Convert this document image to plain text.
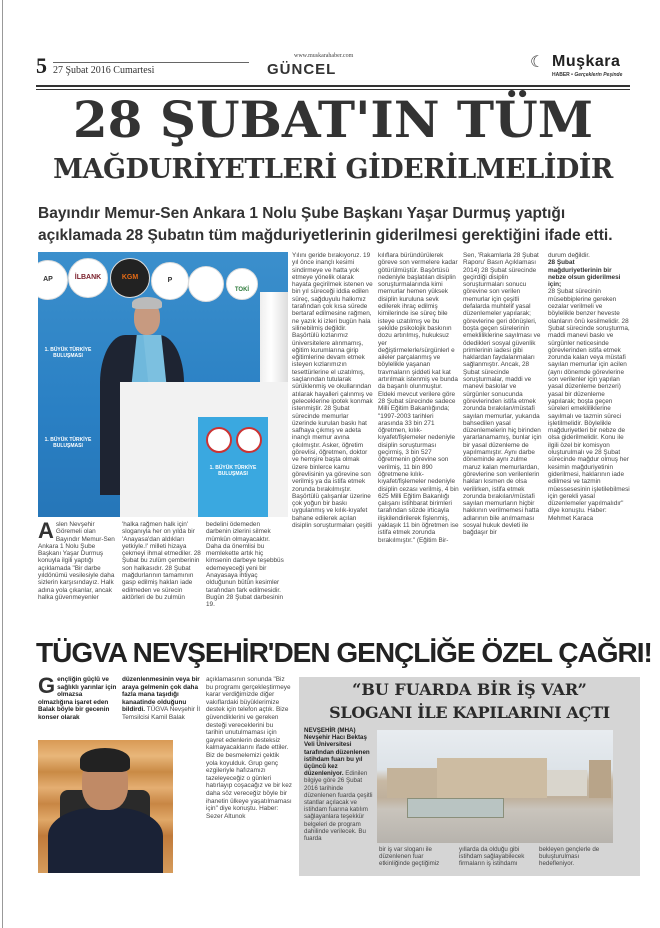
5 27 Şubat 2016 Cumartesi
www.muskarahaber.com
GÜNCEL	☾ Muşkara
HABER • Gerçeklerin Peşinde
28 ŞUBAT'IN TÜM
MAĞDURİYETLERİ GİDERİLMELİDİR
Bayındır Memur-Sen Ankara 1 Nolu Şube Başkanı Yaşar Durmuş yaptığı açıklamada 28 Şubatın tüm mağduriyetlerinin giderilmesi gerektiğini ifade etti.
AP	İLBANK	KGM	P
TOKİ
1. BÜYÜK TÜRKİYE BULUŞMASI
1. BÜYÜK TÜRKİYE BULUŞMASI
1. BÜYÜK TÜRKİYE BULUŞMASI
Aslen Nevşehir Göremeli olan Bayındır Memur-Sen Ankara 1 Nolu Şube Başkanı Yaşar Durmuş konuyla ilgili yaptığı açıklamada "Bir darbe yıldönümü vesilesiyle daha sizlerin karşısındayız. Halk adına yola çıkanlar, ancak halka güvenmeyenler
'halka rağmen halk için' sloganıyla her on yılda bir 'Anayasa'dan aldıkları yetkiyle.!' milleti hizaya çekmeyi ihmal etmediler. 28 Şubat bu zulüm çemberinin son halkasıdır. 28 Şubat mağdurlarının tamamının gasp edilmiş hakları iade edilmeden ve sürecin aktörleri de bu zulmün
bedelini ödemeden darbenin izlerini silmek mümkün olmayacaktır. Daha da önemlisi bu memlekette artık hiç kimsenin darbeye teşebbüs edemeyeceği yeni bir Anayasaya ihtiyaç olduğunun bütün kesimler tarafından fark edilmesidir. Bugün 28 Şubat darbesinin 19.
Yılını geride bırakıyoruz. 19 yıl önce inançlı kesimi sindirmeye ve hatta yok etmeye yönelik olarak hayata geçirilmek istenen ve bin yıl süreceği iddia edilen süreç, sağduyulu halkımız tarafından çok kısa sürede bertaraf edilmesine rağmen, ne yazık ki izleri bugün hala silinebilmiş değildir. Başörtülü kızlarımız üniversitelere alınmamış, eğitim kurumlarına girip eğitimlerine devam etmek isteyen kızlarımızın tesettürlerine el uzatılmış, saçlarından tutularak sürüklenmiş ve okullarından atılarak hayalleri çalınmış ve geleceklerine ipotek konmak istenmiştir. 28 Şubat sürecinde memurlar üzerinde kurulan baskı hat safhaya çıkmış ve adeta inançlı memur avına çıkılmıştır. Asker, öğretim görevlisi, öğretmen, doktor ve hemşire başta olmak üzere binlerce kamu görevlisinin ya görevine son verilmiş ya da istifa etmek zorunda bırakılmıştır. Başörtülü çalışanlar üzerine çok yoğun bir baskı uygulanmış ve kılık-kıyafet bahane edilerek açılan disiplin soruşturmaları çeşitli
kılıflara büründürülerek göreve son vermelere kadar götürülmüştür. Başörtüsü nedeniyle başlatılan disiplin soruşturmalarında kimi memurlar hemen yüksek disiplin kuruluna sevk edilerek ihraç edilmiş kimilerinde ise süreç bile isteye uzatılmış ve bu şekilde psikolojik baskının dozu artırılmış, hukuksuz yer değiştirmelerle/sürgünlerl e aileler parçalanmış ve böylelikle yaşanan travmaların şiddeti kat kat artırılmak istenmiş ve bunda da başarılı olunmuştur. Eldeki mevcut verilere göre 28 Şubat sürecinde sadece Milli Eğitim Bakanlığında; "1997-2003 tarihleri arasında 33 bin 271 öğretmen, kılık-kıyafet/fişlemeler nedeniyle disiplin soruşturması geçirmiş, 3 bin 527 öğretmenin görevine son verilmiş, 11 bin 890 öğretmene kılık-kıyafet/fişlemeler nedeniyle disiplin cezası verilmiş, 4 bin 625 Milli Eğitim Bakanlığı çalışanı istihbarat birimleri tarafından sözde irticayla ilişkilendirilerek fişlenmiş, yaklaşık 11 bin öğretmen ise istifa etmek zorunda bırakılmıştır." (Eğitim Bir-
Sen, 'Rakamlarla 28 Şubat Raporu' Basın Açıklaması 2014) 28 Şubat sürecinde geçirdiği disiplin soruşturmaları sonucu görevine son verilen memurlar için çeşitli defalarda muhtelif yasal düzenlemeler yapılarak; görevlerine geri dönüşleri, boşta geçen sürelerinin emekliliklerine sayılması ve ödedikleri sosyal güvenlik primlerinin iadesi gibi haklardan faydalanmaları sağlanmıştır. Ancak, 28 Şubat sürecinde soruşturmalar, maddi ve manevi baskılar ve sürgünler sonucunda görevlerinden istifa etmek zorunda bırakılan/müstafi sayılan memurlar, yukarıda bahsedilen yasal düzenlemelerin hiç birinden yararlanamamış, bunlar için bir yasal düzenleme de yapılmamıştır. Aynı darbe döneminde aynı zulme maruz kalan memurlardan, görevlerine son verilenlerin hakları kısmen de olsa verilirken, istifa etmek zorunda bırakılan/müstafi sayılan memurların hiçbir hakkının verilmemesi hatta adlarının bile anılmaması sosyal hukuk devleti ile bağdaşır bir
durum değildir.
28 Şubat mağduriyetlerinin bir nebze olsun giderilmesi için;
28 Şubat sürecinin müsebbiplerine gereken cezalar verilmeli ve böylelikle benzer heveste olanların önü kesilmelidir. 28 Şubat sürecinde soruşturma, maddi manevi baskı ve sürgünler neticesinde görevlerinden istifa etmek zorunda kalan veya müstafi sayılan memurlar için acilen (aynı dönemde görevlerine son verilenler için yapılan yasal düzenleme benzeri) yasal bir düzenleme yapılarak; boşta geçen süreleri emekliliklerine sayılmalı ve tazmin süreci işletilmelidir. Böylelikle mağduriyetleri bir nebze de olsa giderilmelidir. Konu ile ilgili özel bir komisyon oluşturulmalı ve 28 Şubat sürecinde mağdur olmuş her kesimin mağduriyetinin giderilmesi, haklarının iade edilmesi ve tazmin müessesesinin işletilebilmesi için gerekli yasal düzenlemeler yapılmalıdır" diye konuştu. Haber: Mehmet Karaca
TÜGVA NEVŞEHİR'DEN GENÇLİĞE ÖZEL ÇAĞRI!
Gençliğin güçlü ve sağlıklı yarınlar için olmazsa olmazlığına işaret eden Balak böyle bir gecenin konser olarak
düzenlenmesinin veya bir araya gelmenin çok daha fazla mana taşıdığı kanaatinde olduğunu bildirdi. TÜGVA Nevşehir İl Temsilcisi Kamil Balak
açıklamasının sonunda "Biz bu programı gerçekleştirmeye karar verdiğimizde diğer vakıflardaki büyüklerimize destek için telefon açtık. Bize güvendiklerini ve gereken desteği vereceklerini bu tarihin unutulmaması için gayret edenlerin desteksiz kalmayacaklarını ifade ettiler. Biz de besmelemizi çektik yola koyulduk. Grup genç ezgileriyle hafızamızı tazeleyeceğiz o günleri hatırlayıp coşacağız ve bir kez daha söz vereceğiz böyle bir ihanetin ülkeye yaşatılmaması için" diye konuştu. Haber: Sezer Altunok
“BU FUARDA BİR İŞ VAR”
SLOGANI İLE KAPILARINI AÇTI
NEVŞEHİR (MHA) Nevşehir Hacı Bektaş Veli Üniversitesi tarafından düzenlenen istihdam fuarı bu yıl üçüncü kez düzenleniyor. Edinilen bilgiye göre 26 Şubat 2016 tarihinde düzenlenen fuarda çeşitli stantlar açılacak ve istihdam fuarına katılım sağlayanlara teşekkür belgeleri de program dahilinde verilecek. Bu fuarda
bir iş var sloganı ile düzenlenen fuar etkinliğinde geçtiğimiz
yıllarda da olduğu gibi istihdam sağlayabilecek firmaların iş istihdamı
bekleyen gençlerle de buluşturulması hedefleniyor.
